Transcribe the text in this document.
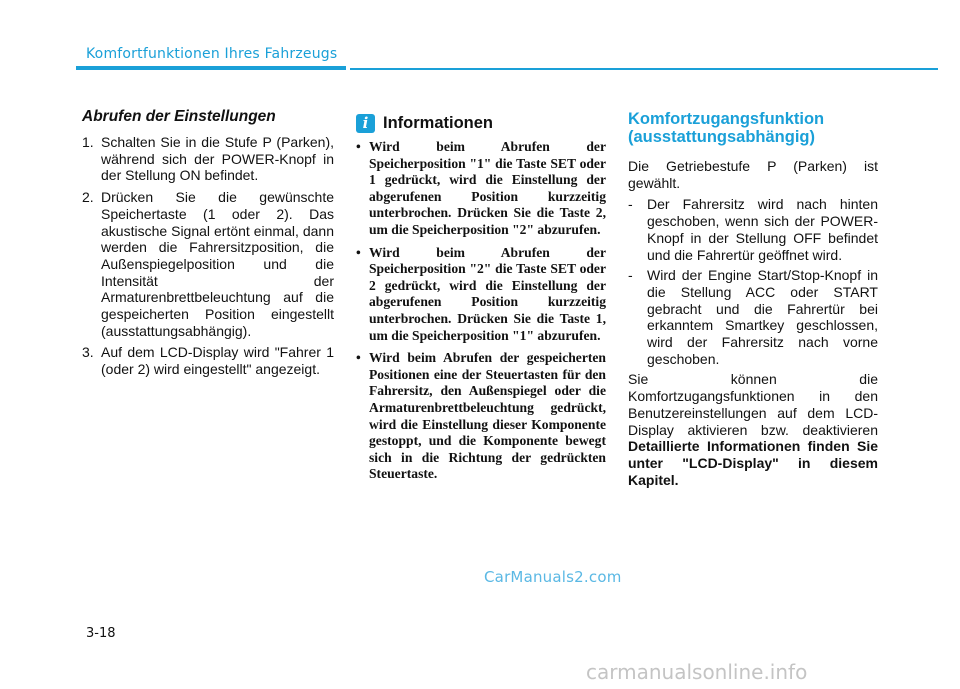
Komfortfunktionen Ihres Fahrzeugs
Abrufen der Einstellungen
1. Schalten Sie in die Stufe P (Parken), während sich der POWER-Knopf in der Stellung ON befindet.
2. Drücken Sie die gewünschte Speichertaste (1 oder 2). Das akustische Signal ertönt einmal, dann werden die Fahrersitzposition, die Außenspiegelposition und die Intensität der Armaturenbrettbeleuchtung auf die gespeicherten Position eingestellt (ausstattungsabhängig).
3. Auf dem LCD-Display wird "Fahrer 1 (oder 2) wird eingestellt" angezeigt.
i Informationen
• Wird beim Abrufen der Speicherposition "1" die Taste SET oder 1 gedrückt, wird die Einstellung der abgerufenen Position kurzzeitig unterbrochen. Drücken Sie die Taste 2, um die Speicherposition "2" abzurufen.
• Wird beim Abrufen der Speicherposition "2" die Taste SET oder 2 gedrückt, wird die Einstellung der abgerufenen Position kurzzeitig unterbrochen. Drücken Sie die Taste 1, um die Speicherposition "1" abzurufen.
• Wird beim Abrufen der gespeicherten Positionen eine der Steuertasten für den Fahrersitz, den Außenspiegel oder die Armaturenbrettbeleuchtung gedrückt, wird die Einstellung dieser Komponente gestoppt, und die Komponente bewegt sich in die Richtung der gedrückten Steuertaste.
Komfortzugangsfunktion (ausstattungsabhängig)

Die Getriebestufe P (Parken) ist gewählt.

- Der Fahrersitz wird nach hinten geschoben, wenn sich der POWER-Knopf in der Stellung OFF befindet und die Fahrertür geöffnet wird.
- Wird der Engine Start/Stop-Knopf in die Stellung ACC oder START gebracht und die Fahrertür bei erkanntem Smartkey geschlossen, wird der Fahrersitz nach vorne geschoben.

Sie können die Komfortzugangsfunktionen in den Benutzereinstellungen auf dem LCD-Display aktivieren bzw. deaktivieren Detaillierte Informationen finden Sie unter "LCD-Display" in diesem Kapitel.

CarManuals2.com
3-18
carmanualsonline.info
